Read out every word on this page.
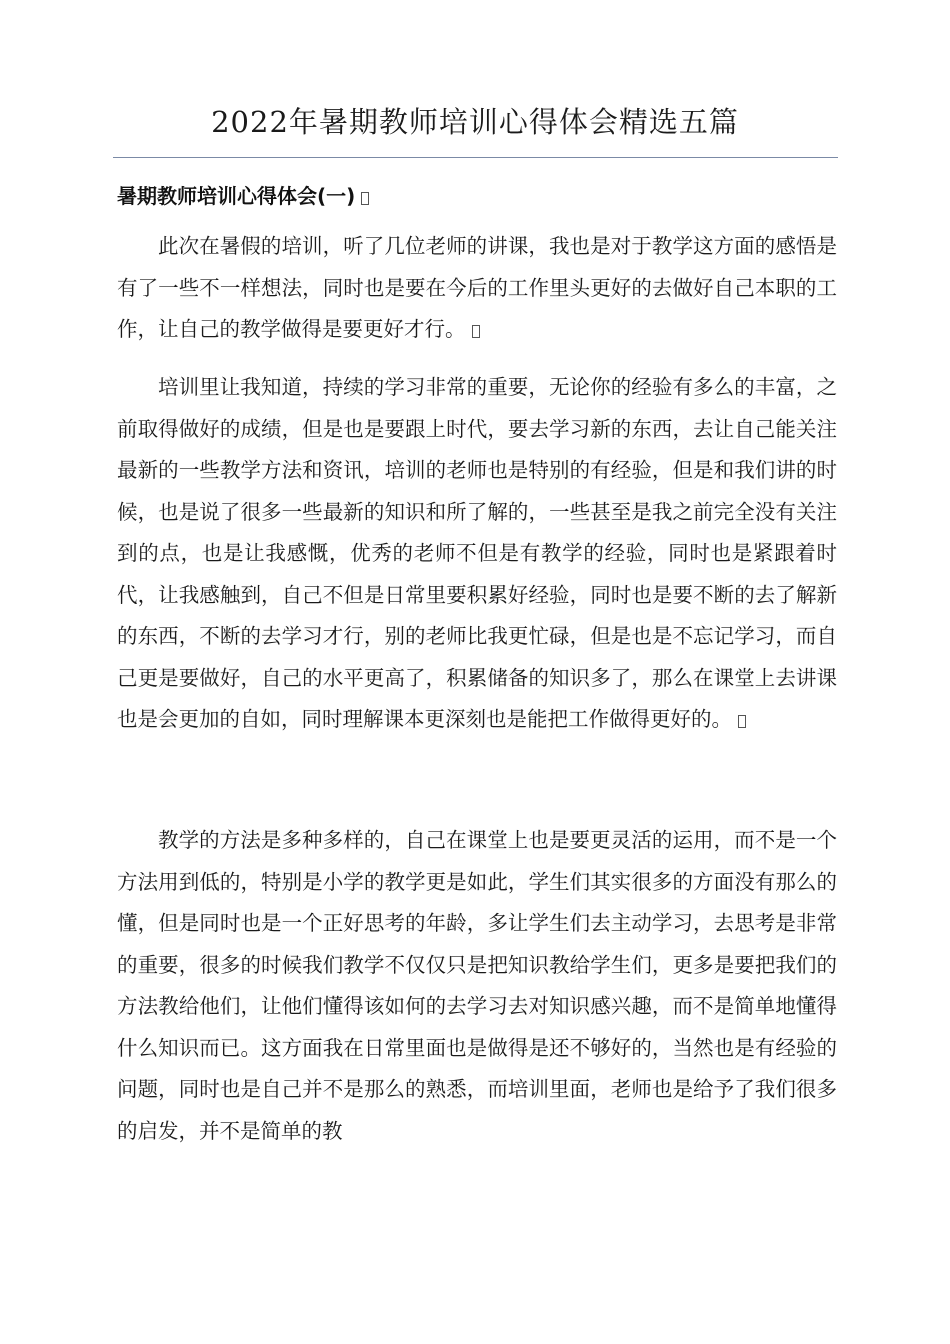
2022年暑期教师培训心得体会精选五篇
暑期教师培训心得体会(一)

此次在暑假的培训，听了几位老师的讲课，我也是对于教学这方面的感悟是有了一些不一样想法，同时也是要在今后的工作里头更好的去做好自己本职的工作，让自己的教学做得是要更好才行。

培训里让我知道，持续的学习非常的重要，无论你的经验有多么的丰富，之前取得做好的成绩，但是也是要跟上时代，要去学习新的东西，去让自己能关注最新的一些教学方法和资讯，培训的老师也是特别的有经验，但是和我们讲的时候，也是说了很多一些最新的知识和所了解的，一些甚至是我之前完全没有关注到的点，也是让我感慨，优秀的老师不但是有教学的经验，同时也是紧跟着时代，让我感触到，自己不但是日常里要积累好经验，同时也是要不断的去了解新的东西，不断的去学习才行，别的老师比我更忙碌，但是也是不忘记学习，而自己更是要做好，自己的水平更高了，积累储备的知识多了，那么在课堂上去讲课也是会更加的自如，同时理解课本更深刻也是能把工作做得更好的。

教学的方法是多种多样的，自己在课堂上也是要更灵活的运用，而不是一个方法用到低的，特别是小学的教学更是如此，学生们其实很多的方面没有那么的懂，但是同时也是一个正好思考的年龄，多让学生们去主动学习，去思考是非常的重要，很多的时候我们教学不仅仅只是把知识教给学生们，更多是要把我们的方法教给他们，让他们懂得该如何的去学习去对知识感兴趣，而不是简单地懂得什么知识而已。这方面我在日常里面也是做得是还不够好的，当然也是有经验的问题，同时也是自己并不是那么的熟悉，而培训里面，老师也是给予了我们很多的启发，并不是简单的教
